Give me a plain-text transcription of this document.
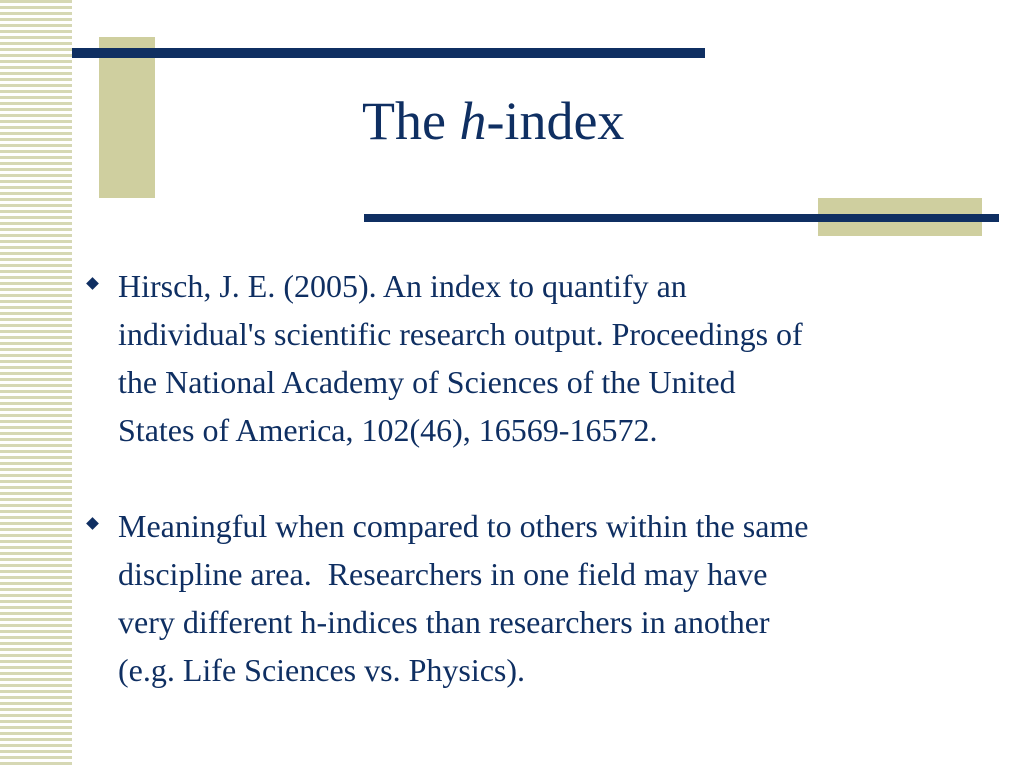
The h-index
Hirsch, J. E. (2005). An index to quantify an
individual's scientific research output. Proceedings of
the National Academy of Sciences of the United
States of America, 102(46), 16569-16572.
Meaningful when compared to others within the same
discipline area.  Researchers in one field may have
very different h-indices than researchers in another
(e.g. Life Sciences vs. Physics).
